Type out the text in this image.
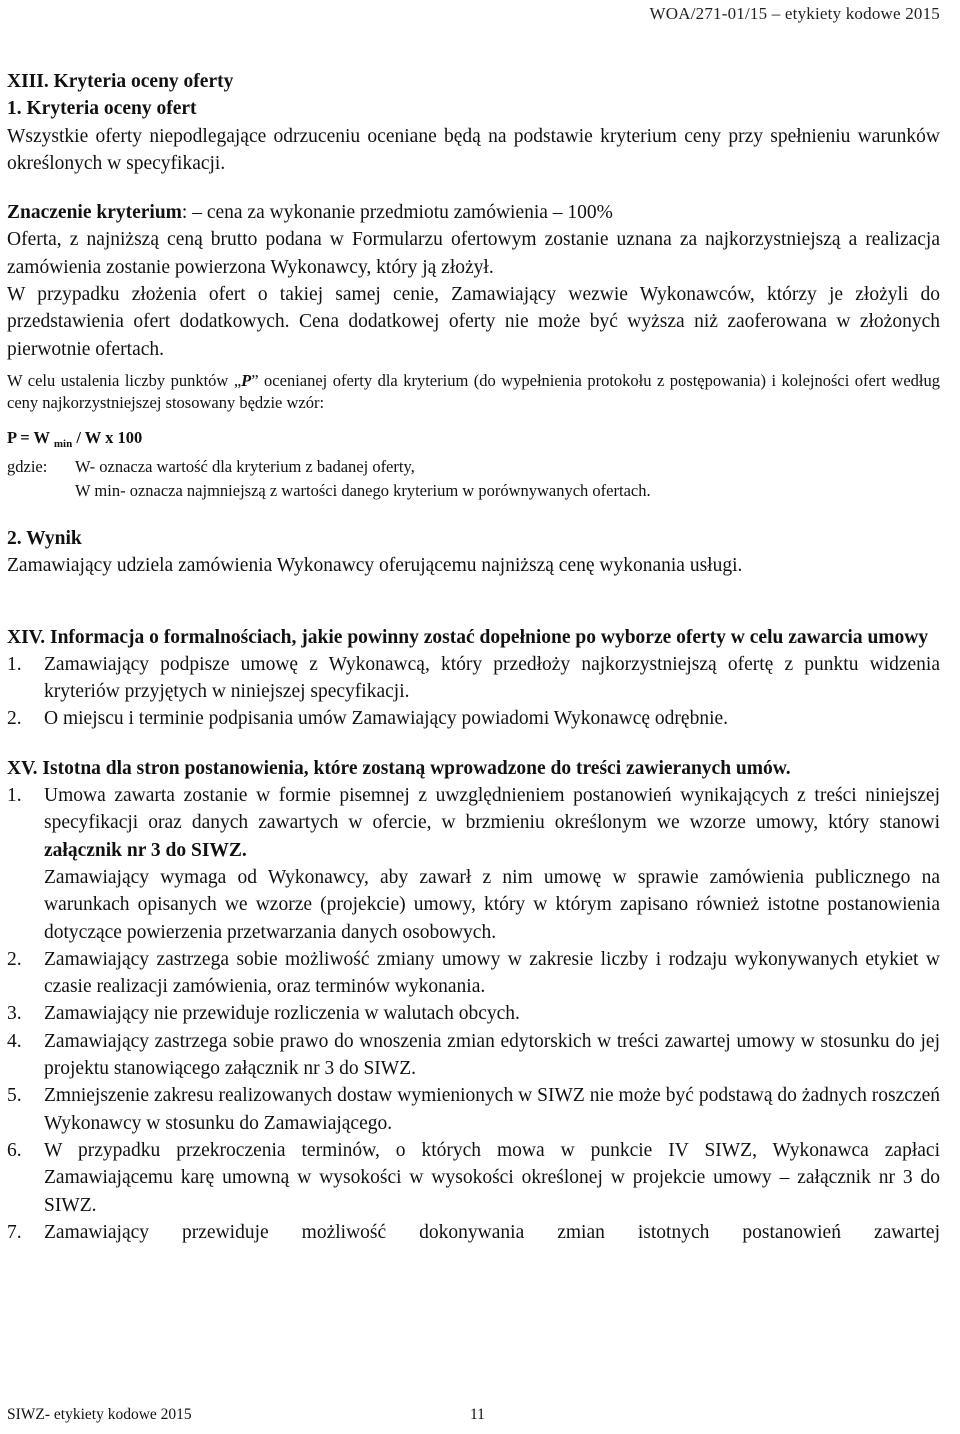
WOA/271-01/15 – etykiety kodowe 2015

XIII. Kryteria oceny oferty

1. Kryteria oceny ofert

Wszystkie oferty niepodlegające odrzuceniu oceniane będą na podstawie kryterium ceny przy spełnieniu warunków określonych w specyfikacji.

Znaczenie kryterium: – cena za wykonanie przedmiotu zamówienia – 100%

Oferta, z najniższą ceną brutto podana w Formularzu ofertowym zostanie uznana za najkorzystniejszą a realizacja zamówienia zostanie powierzona Wykonawcy, który ją złożył.

W przypadku złożenia ofert o takiej samej cenie, Zamawiający wezwie Wykonawców, którzy je złożyli do przedstawienia ofert dodatkowych. Cena dodatkowej oferty nie może być wyższa niż zaoferowana w złożonych pierwotnie ofertach.

W celu ustalenia liczby punktów „P” ocenianej oferty dla kryterium (do wypełnienia protokołu z postępowania) i kolejności ofert według ceny najkorzystniejszej stosowany będzie wzór:

P = W $_{min}$ / W x 100
gdzie:	W- oznacza wartość dla kryterium z badanej oferty,
W min- oznacza najmniejszą z wartości danego kryterium w porównywanych ofertach.

2. Wynik

Zamawiający udziela zamówienia Wykonawcy oferującemu najniższą cenę wykonania usługi.

XIV. Informacja o formalnościach, jakie powinny zostać dopełnione po wyborze oferty w celu zawarcia umowy

1.	Zamawiający podpisze umowę z Wykonawcą, który przedłoży najkorzystniejszą ofertę z punktu widzenia kryteriów przyjętych w niniejszej specyfikacji.
2.	O miejscu i terminie podpisania umów Zamawiający powiadomi Wykonawcę odrębnie.

XV. Istotna dla stron postanowienia, które zostaną wprowadzone do treści zawieranych umów.

1.	Umowa zawarta zostanie w formie pisemnej z uwzględnieniem postanowień wynikających z treści niniejszej specyfikacji oraz danych zawartych w ofercie, w brzmieniu określonym we wzorze umowy, który stanowi załącznik nr 3 do SIWZ.
Zamawiający wymaga od Wykonawcy, aby zawarł z nim umowę w sprawie zamówienia publicznego na warunkach opisanych we wzorze (projekcie) umowy, który w którym zapisano również istotne postanowienia dotyczące powierzenia przetwarzania danych osobowych.
2.	Zamawiający zastrzega sobie możliwość zmiany umowy w zakresie liczby i rodzaju wykonywanych etykiet w czasie realizacji zamówienia, oraz terminów wykonania.
3.	Zamawiający nie przewiduje rozliczenia w walutach obcych.
4.	Zamawiający zastrzega sobie prawo do wnoszenia zmian edytorskich w treści zawartej umowy w stosunku do jej projektu stanowiącego załącznik nr 3 do SIWZ.
5.	Zmniejszenie zakresu realizowanych dostaw wymienionych w SIWZ nie może być podstawą do żadnych roszczeń Wykonawcy w stosunku do Zamawiającego.
6.	W przypadku przekroczenia terminów, o których mowa w punkcie IV SIWZ, Wykonawca zapłaci Zamawiającemu karę umowną w wysokości w wysokości określonej w projekcie umowy – załącznik nr 3 do SIWZ.
7.	Zamawiający przewiduje możliwość dokonywania zmian istotnych postanowień zawartej
SIWZ- etykiety kodowe 2015	11
